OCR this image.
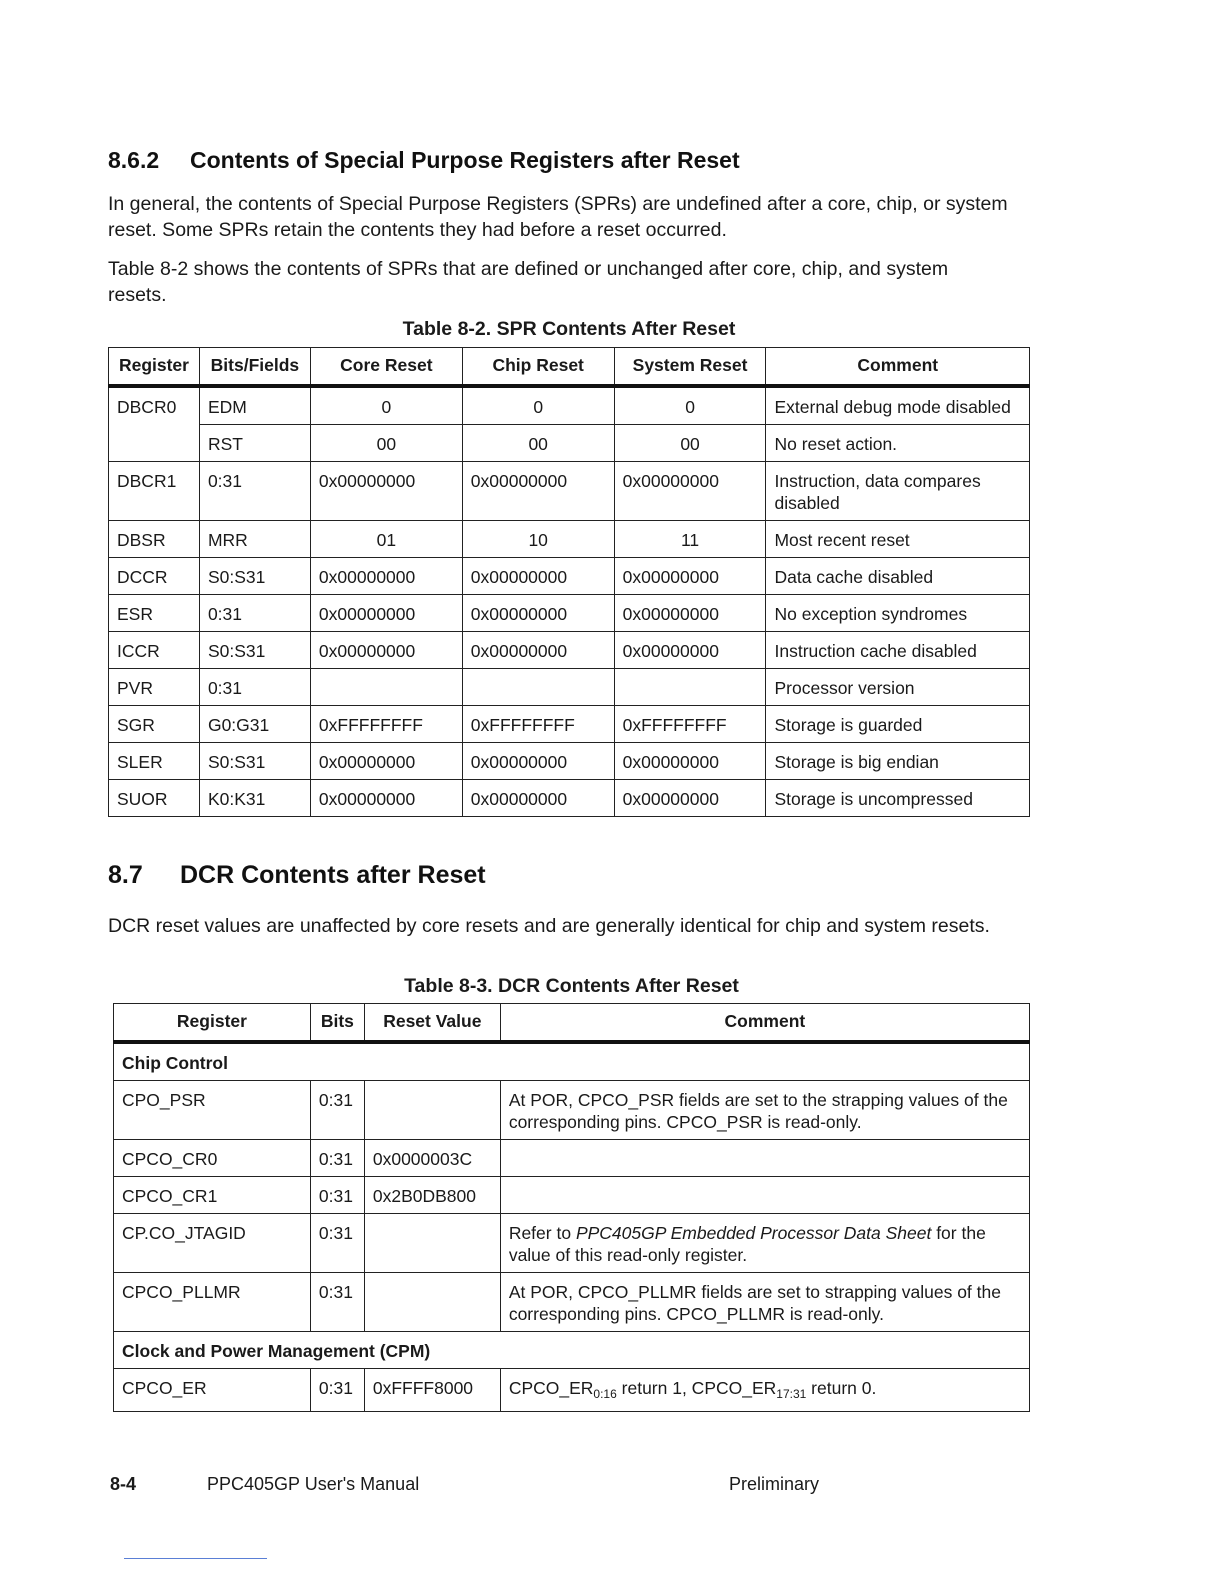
8.6.2 Contents of Special Purpose Registers after Reset

In general, the contents of Special Purpose Registers (SPRs) are undefined after a core, chip, or system reset. Some SPRs retain the contents they had before a reset occurred.

Table 8-2 shows the contents of SPRs that are defined or unchanged after core, chip, and system resets.

Table 8-2. SPR Contents After Reset
Register	Bits/Fields	Core Reset	Chip Reset	System Reset	Comment
DBCR0	EDM	0	0	0	External debug mode disabled
	RST	00	00	00	No reset action.
DBCR1	0:31	0x00000000	0x00000000	0x00000000	Instruction, data compares disabled
DBSR	MRR	01	10	11	Most recent reset
DCCR	S0:S31	0x00000000	0x00000000	0x00000000	Data cache disabled
ESR	0:31	0x00000000	0x00000000	0x00000000	No exception syndromes
ICCR	S0:S31	0x00000000	0x00000000	0x00000000	Instruction cache disabled
PVR	0:31				Processor version
SGR	G0:G31	0xFFFFFFFF	0xFFFFFFFF	0xFFFFFFFF	Storage is guarded
SLER	S0:S31	0x00000000	0x00000000	0x00000000	Storage is big endian
SUOR	K0:K31	0x00000000	0x00000000	0x00000000	Storage is uncompressed
8.7 DCR Contents after Reset

DCR reset values are unaffected by core resets and are generally identical for chip and system resets.

Table 8-3. DCR Contents After Reset
Register	Bits	Reset Value	Comment
Chip Control			
CPO_PSR	0:31		At POR, CPCO_PSR fields are set to the strapping values of the corresponding pins. CPCO_PSR is read-only.
CPCO_CR0	0:31	0x0000003C	
CPCO_CR1	0:31	0x2B0DB800	
CP.CO_JTAGID	0:31		Refer to PPC405GP Embedded Processor Data Sheet for the value of this read-only register.
CPCO_PLLMR	0:31		At POR, CPCO_PLLMR fields are set to strapping values of the corresponding pins. CPCO_PLLMR is read-only.
Clock and Power Management (CPM)			
CPCO_ER	0:31	0xFFFF8000	$CPCO\_ER_{0:16}$ return 1, $CPCO\_ER_{17:31}$ return 0.
8-4	PPC405GP User's Manual	Preliminary
